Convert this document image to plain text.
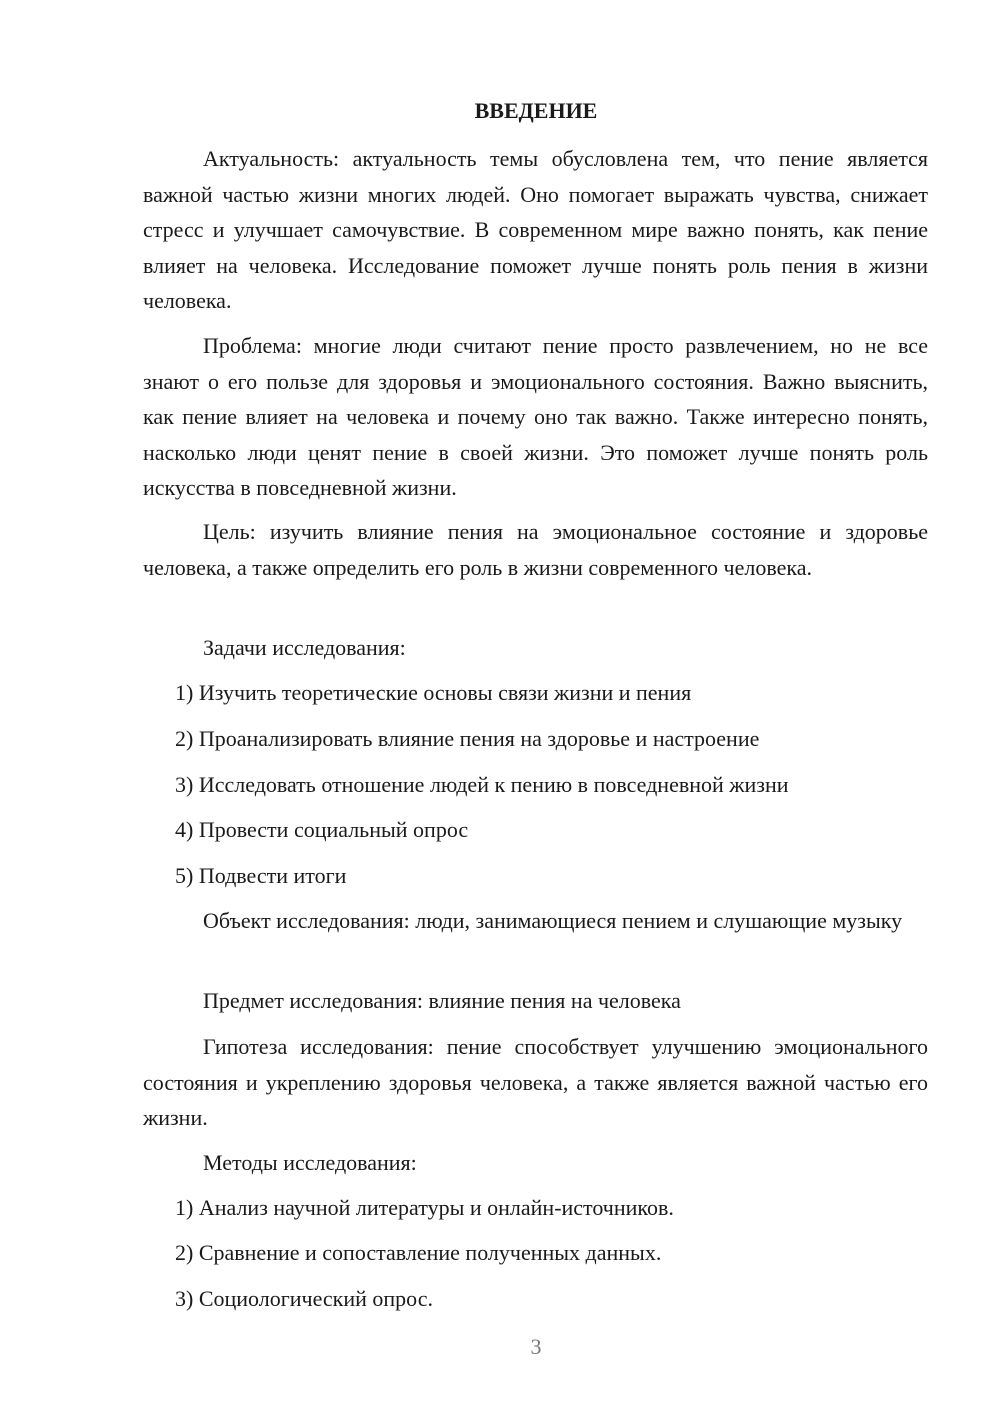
ВВЕДЕНИЕ

Актуальность: актуальность темы обусловлена тем, что пение является важной частью жизни многих людей. Оно помогает выражать чувства, снижает стресс и улучшает самочувствие. В современном мире важно понять, как пение влияет на человека. Исследование поможет лучше понять роль пения в жизни человека.

Проблема: многие люди считают пение просто развлечением, но не все знают о его пользе для здоровья и эмоционального состояния. Важно выяснить, как пение влияет на человека и почему оно так важно. Также интересно понять, насколько люди ценят пение в своей жизни. Это поможет лучше понять роль искусства в повседневной жизни.

Цель: изучить влияние пения на эмоциональное состояние и здоровье человека, а также определить его роль в жизни современного человека.

Задачи исследования:

1) Изучить теоретические основы связи жизни и пения
2) Проанализировать влияние пения на здоровье и настроение
3) Исследовать отношение людей к пению в повседневной жизни
4) Провести социальный опрос
5) Подвести итоги

Объект исследования: люди, занимающиеся пением и слушающие музыку

Предмет исследования: влияние пения на человека

Гипотеза исследования: пение способствует улучшению эмоционального состояния и укреплению здоровья человека, а также является важной частью его жизни.

Методы исследования:

1) Анализ научной литературы и онлайн-источников.
2) Сравнение и сопоставление полученных данных.
3) Социологический опрос.
3
